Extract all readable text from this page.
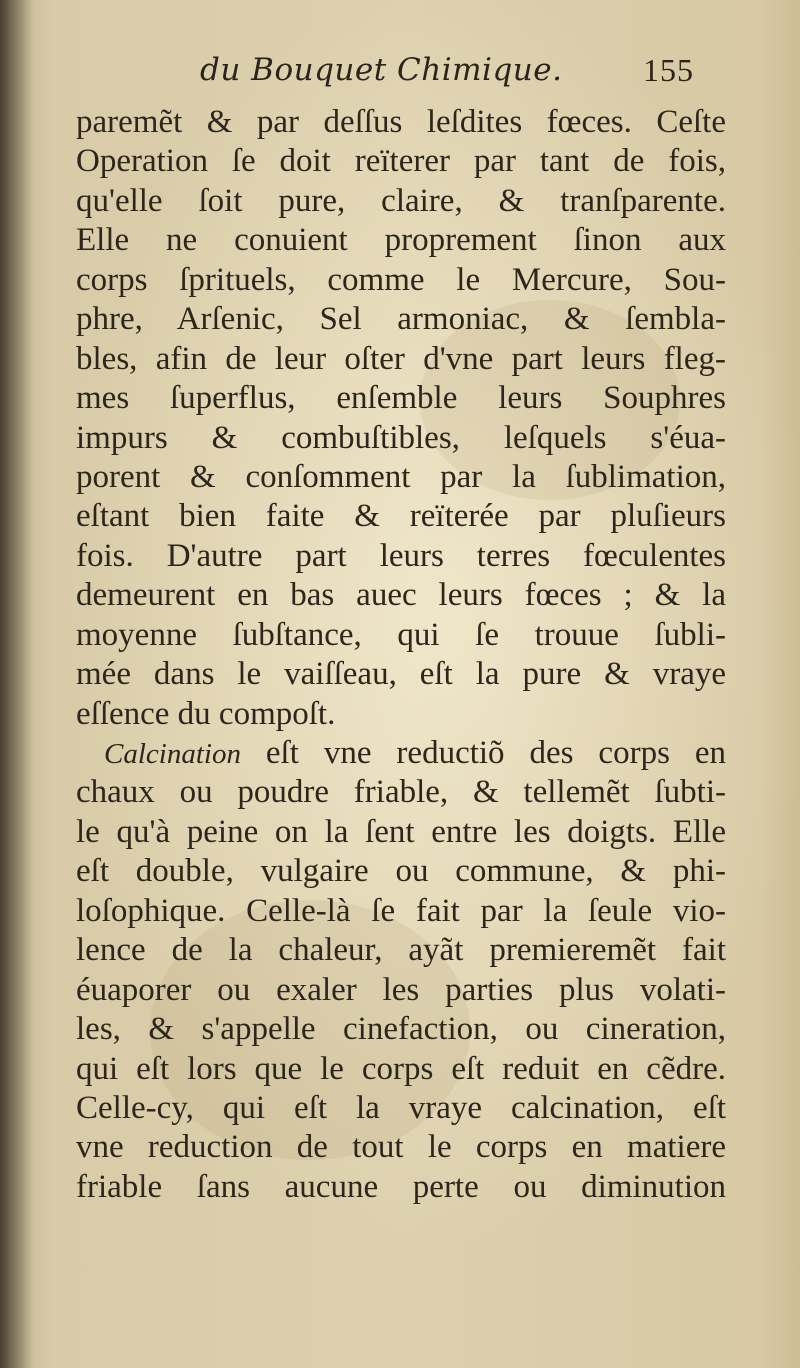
du Bouquet Chimique.	155
paremẽt & par deſſus leſdites fœces. Ceſte
Operation ſe doit reïterer par tant de fois,
qu'elle ſoit pure, claire, & tranſparente.
Elle ne conuient proprement ſinon aux
corps ſprituels, comme le Mercure, Sou-
phre, Arſenic, Sel armoniac, & ſembla-
bles, afin de leur oſter d'vne part leurs fleg-
mes ſuperflus, enſemble leurs Souphres
impurs & combuſtibles, leſquels s'éua-
porent & conſomment par la ſublimation,
eſtant bien faite & reïterée par pluſieurs
fois. D'autre part leurs terres fœculentes
demeurent en bas auec leurs fœces ; & la
moyenne ſubſtance, qui ſe trouue ſubli-
mée dans le vaiſſeau, eſt la pure & vraye
eſſence du compoſt.
Calcination eſt vne reductiõ des corps en
chaux ou poudre friable, & tellemẽt ſubti-
le qu'à peine on la ſent entre les doigts. Elle
eſt double, vulgaire ou commune, & phi-
loſophique. Celle-là ſe fait par la ſeule vio-
lence de la chaleur, ayãt premieremẽt fait
éuaporer ou exaler les parties plus volati-
les, & s'appelle cinefaction, ou cineration,
qui eſt lors que le corps eſt reduit en cẽdre.
Celle-cy, qui eſt la vraye calcination, eſt
vne reduction de tout le corps en matiere
friable ſans aucune perte ou diminution
